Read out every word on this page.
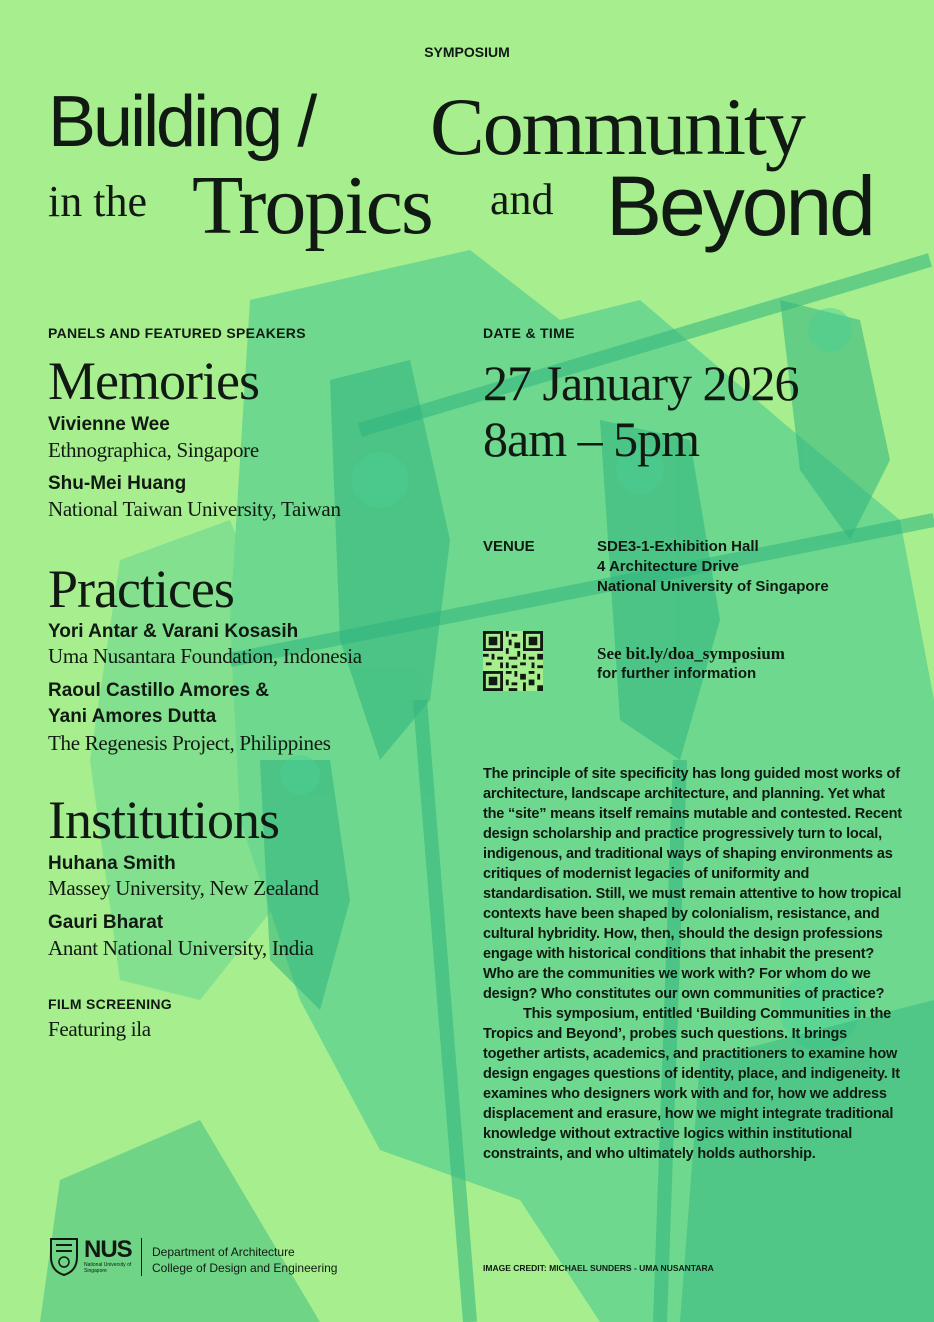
SYMPOSIUM

Building / Community
in the Tropics and Beyond

PANELS AND FEATURED SPEAKERS

Memories

Vivienne Wee

Ethnographica, Singapore

Shu-Mei Huang

National Taiwan University, Taiwan

Practices

Yori Antar & Varani Kosasih

Uma Nusantara Foundation, Indonesia

Raoul Castillo Amores &

Yani Amores Dutta

The Regenesis Project, Philippines

Institutions

Huhana Smith

Massey University, New Zealand

Gauri Bharat

Anant National University, India

FILM SCREENING

Featuring ila

DATE & TIME

27 January 2026

8am – 5pm

VENUE	SDE3-1-Exhibition Hall

4 Architecture Drive

National University of Singapore

See bit.ly/doa_symposium

for further information

The principle of site specificity has long guided most works of architecture, landscape architecture, and planning. Yet what the “site” means itself remains mutable and contested. Recent design scholarship and practice progressively turn to local, indigenous, and traditional ways of shaping environments as critiques of modernist legacies of uniformity and standardisation. Still, we must remain attentive to how tropical contexts have been shaped by colonialism, resistance, and cultural hybridity. How, then, should the design professions engage with historical conditions that inhabit the present? Who are the communities we work with? For whom do we design? Who constitutes our own communities of practice?

This symposium, entitled ‘Building Communities in the Tropics and Beyond’, probes such questions. It brings together artists, academics, and practitioners to examine how design engages questions of identity, place, and indigeneity. It examines who designers work with and for, how we address displacement and erasure, how we might integrate traditional knowledge without extractive logics within institutional constraints, and who ultimately holds authorship.

NUS
National University of Singapore
Department of Architecture
College of Design and Engineering	IMAGE CREDIT: MICHAEL SUNDERS - UMA NUSANTARA
